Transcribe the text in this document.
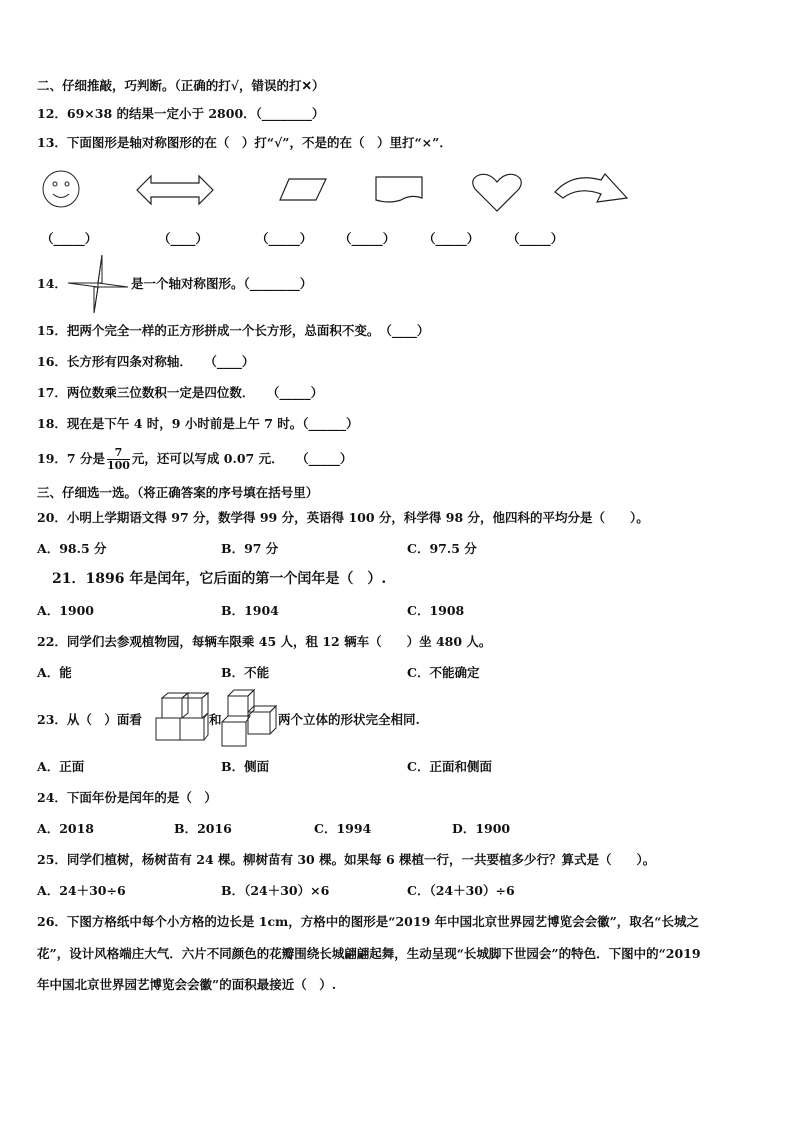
二、仔细推敲，巧判断。（正确的打√，错误的打✕）
12．69×38 的结果一定小于 2800．（________）
13．下面图形是轴对称图形的在（　）打“√”，不是的在（　）里打“×”．
（_____）	（____）	（_____） （_____） （_____） （_____）
14．	是一个轴对称图形。（________）
15．把两个完全一样的正方形拼成一个长方形，总面积不变。　（____）
16．长方形有四条对称轴．　　（____）
17．两位数乘三位数积一定是四位数．　　（_____）
18．现在是下午 4 时，9 小时前是上午 7 时。（______）
19．7 分是 $\frac{7}{100}$ 元，还可以写成 0.07 元．　　（_____）
三、仔细选一选。（将正确答案的序号填在括号里）
20．小明上学期语文得 97 分，数学得 99 分，英语得 100 分，科学得 98 分，他四科的平均分是（　　）。
A．98.5 分	B．97 分	C．97.5 分
21．1896 年是闰年，它后面的第一个闰年是（　）.
A．1900	B．1904	C．1908
22．同学们去参观植物园，每辆车限乘 45 人，租 12 辆车（　　）坐 480 人。
A．能	B．不能	C．不能确定
23．从（　）面看	和	两个立体的形状完全相同.
A．正面	B．侧面	C．正面和侧面
24．下面年份是闰年的是（　）
A．2018	B．2016	C．1994	D．1900
25．同学们植树，杨树苗有 24 棵。柳树苗有 30 棵。如果每 6 棵植一行，一共要植多少行？算式是（　　）。
A．24＋30÷6	B．（24＋30）×6	C．（24＋30）÷6
26．下图方格纸中每个小方格的边长是 1cm，方格中的图形是“2019 年中国北京世界园艺博览会会徽”，取名“长城之
花”，设计风格端庄大气．六片不同颜色的花瓣围绕长城翩翩起舞，生动呈现“长城脚下世园会”的特色．下图中的“2019
年中国北京世界园艺博览会会徽”的面积最接近（　）.
